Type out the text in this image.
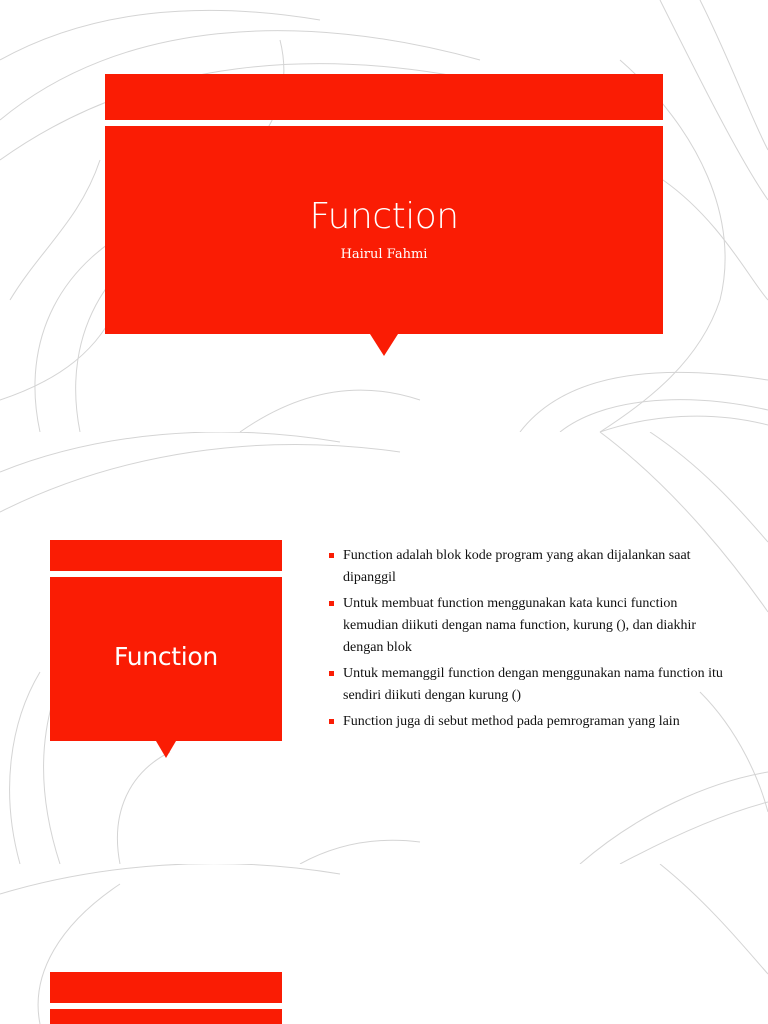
Function
Hairul Fahmi
Function
Function adalah blok kode program yang akan dijalankan saat dipanggil
Untuk membuat function menggunakan kata kunci function kemudian diikuti dengan nama function, kurung (), dan diakhir dengan blok
Untuk memanggil function dengan menggunakan nama function itu sendiri diikuti dengan kurung ()
Function juga di sebut method pada pemrograman yang lain
